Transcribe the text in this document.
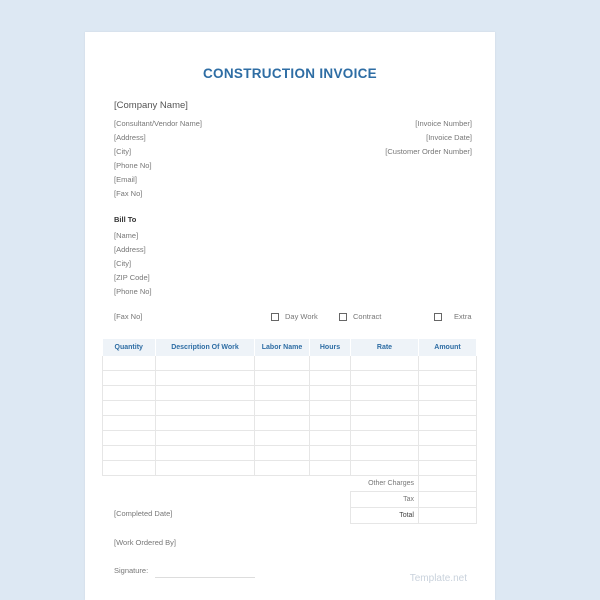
CONSTRUCTION INVOICE
[Company Name]
[Consultant/Vendor Name]
[Address]
[City]
[Phone No]
[Email]
[Fax No]
[Invoice Number]
[Invoice Date]
[Customer Order Number]
Bill To
[Name]
[Address]
[City]
[ZIP Code]
[Phone No]
[Fax No]	Day Work	Contract	Extra
Quantity	Description Of Work	Labor Name	Hours	Rate	Amount

Other Charges	
Tax	
Total	
[Completed Date]
[Work Ordered By]
Signature:
Template.net
